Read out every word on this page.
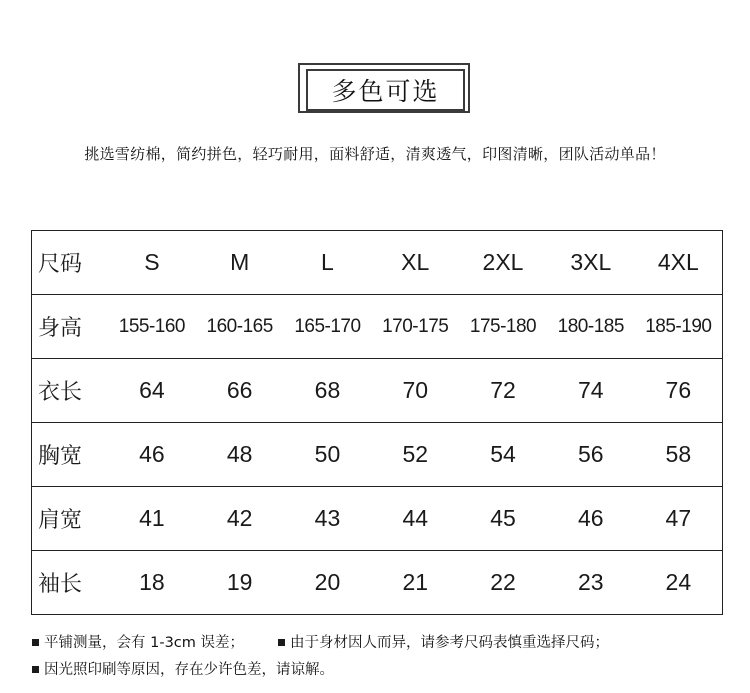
多色可选
挑选雪纺棉，简约拼色，轻巧耐用，面料舒适，清爽透气，印图清晰，团队活动单品！
尺码	S	M	L	XL	2XL	3XL	4XL
身高	155-160	160-165	165-170	170-175	175-180	180-185	185-190
衣长	64	66	68	70	72	74	76
胸宽	46	48	50	52	54	56	58
肩宽	41	42	43	44	45	46	47
袖长	18	19	20	21	22	23	24
平铺测量，会有 1-3cm 误差；	由于身材因人而异，请参考尺码表慎重选择尺码；
因光照印刷等原因，存在少许色差，请谅解。
